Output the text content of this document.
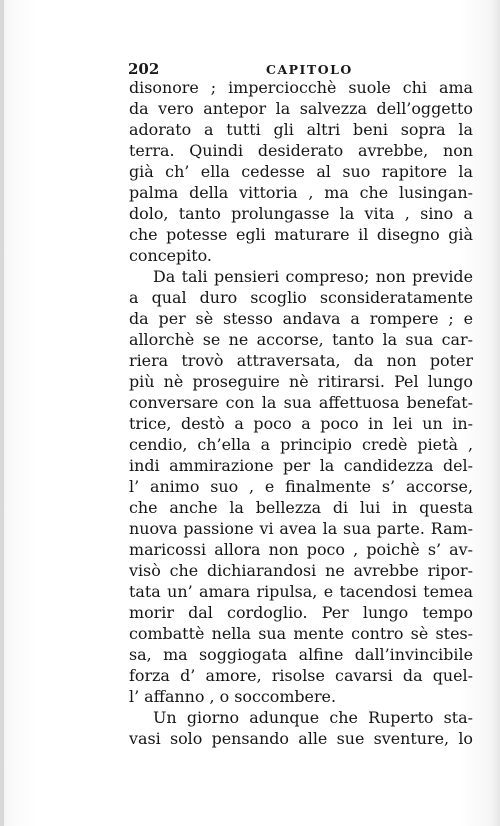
202	CAPITOLO
disonore ; imperciocchè suole chi ama
da vero antepor la salvezza dell’oggetto
adorato a tutti gli altri beni sopra la
terra. Quindi desiderato avrebbe, non
già ch’ ella cedesse al suo rapitore la
palma della vittoria , ma che lusingan-
dolo, tanto prolungasse la vita , sino a
che potesse egli maturare il disegno già
concepito.
Da tali pensieri compreso; non previde
a qual duro scoglio sconsideratamente
da per sè stesso andava a rompere ; e
allorchè se ne accorse, tanto la sua car-
riera trovò attraversata, da non poter
più nè proseguire nè ritirarsi. Pel lungo
conversare con la sua affettuosa benefat-
trice, destò a poco a poco in lei un in-
cendio, ch’ella a principio credè pietà ,
indi ammirazione per la candidezza del-
l’ animo suo , e finalmente s’ accorse,
che anche la bellezza di lui in questa
nuova passione vi avea la sua parte. Ram-
maricossi allora non poco , poichè s’ av-
visò che dichiarandosi ne avrebbe ripor-
tata un’ amara ripulsa, e tacendosi temea
morir dal cordoglio. Per lungo tempo
combattè nella sua mente contro sè stes-
sa, ma soggiogata alfine dall’invincibile
forza d’ amore, risolse cavarsi da quel-
l’ affanno , o soccombere.
Un giorno adunque che Ruperto sta-
vasi solo pensando alle sue sventure, lo
